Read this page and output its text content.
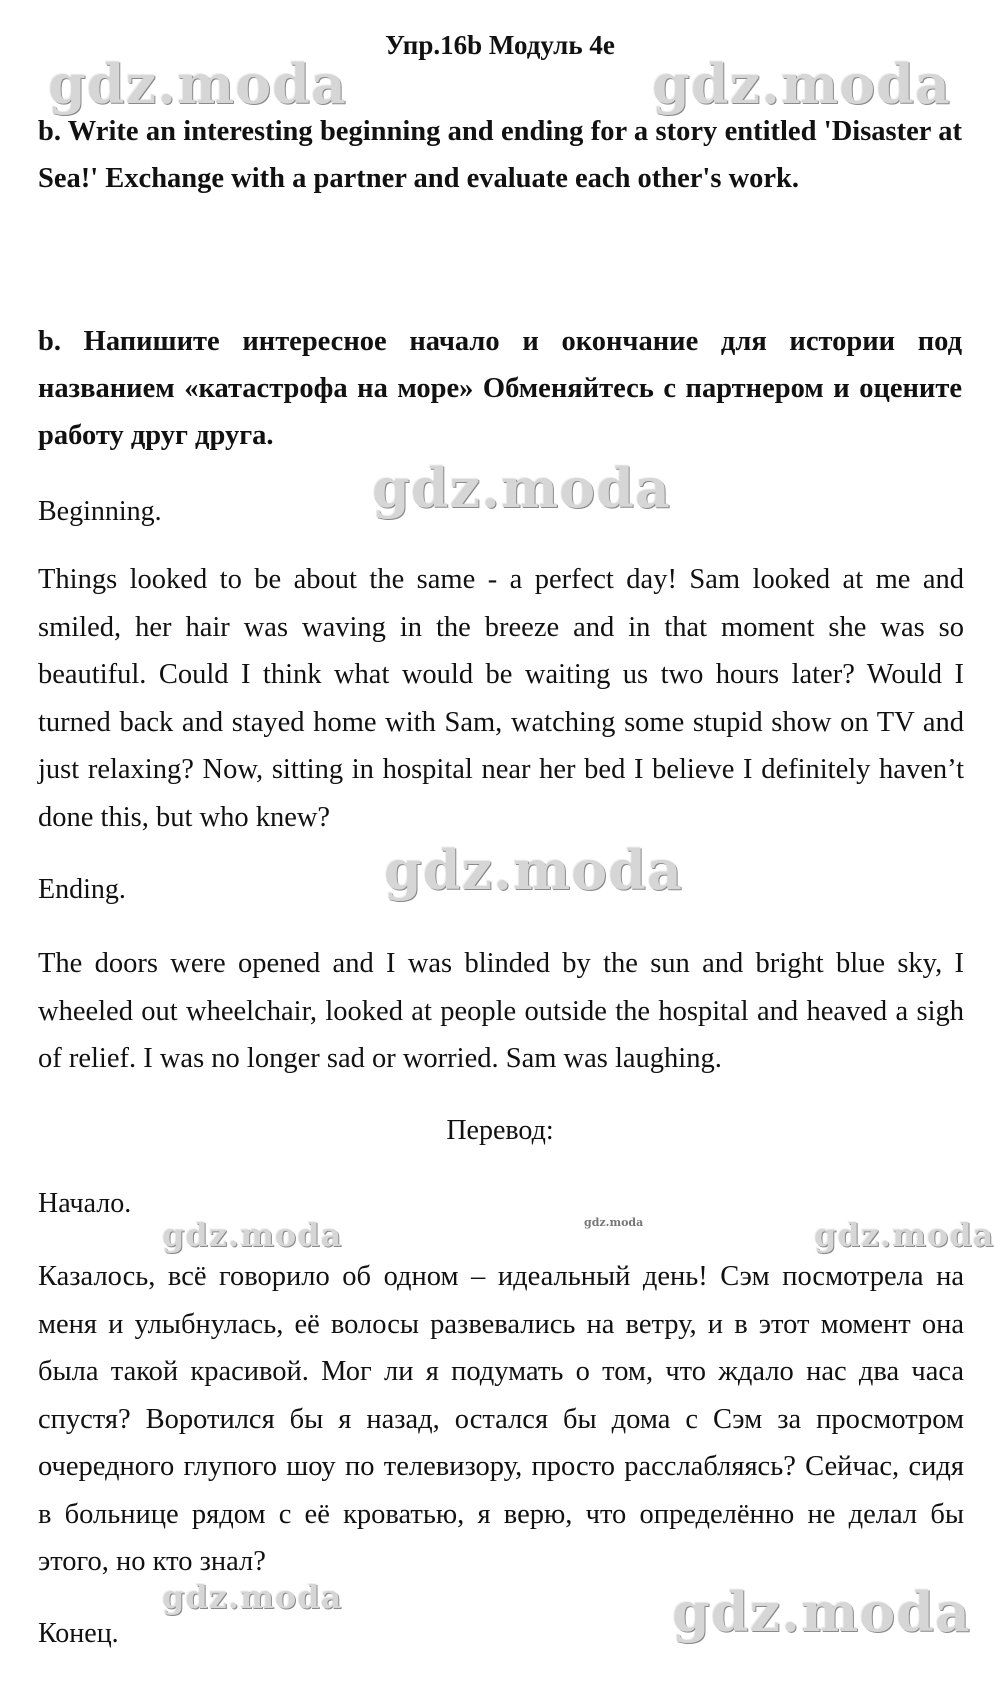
Упр.16b Модуль 4e
gdz.moda	gdz.moda
b. Write an interesting beginning and ending for a story entitled 'Disaster at Sea!' Exchange with a partner and evaluate each other's work.
b. Напишите интересное начало и окончание для истории под названием «катастрофа на море» Обменяйтесь с партнером и оцените работу друг друга.
gdz.moda
Beginning.
Things looked to be about the same - a perfect day! Sam looked at me and smiled, her hair was waving in the breeze and in that moment she was so beautiful. Could I think what would be waiting us two hours later? Would I turned back and stayed home with Sam, watching some stupid show on TV and just relaxing? Now, sitting in hospital near her bed I believe I definitely haven’t done this, but who knew?
gdz.moda
Ending.
The doors were opened and I was blinded by the sun and bright blue sky, I wheeled out wheelchair, looked at people outside the hospital and heaved a sigh of relief. I was no longer sad or worried. Sam was laughing.
Перевод:
Начало.
gdz.moda	gdz.moda	gdz.moda
Казалось, всё говорило об одном – идеальный день! Сэм посмотрела на меня и улыбнулась, её волосы развевались на ветру, и в этот момент она была такой красивой. Мог ли я подумать о том, что ждало нас два часа спустя? Воротился бы я назад, остался бы дома с Сэм за просмотром очередного глупого шоу по телевизору, просто расслабляясь? Сейчас, сидя в больнице рядом с её кроватью, я верю, что определённо не делал бы этого, но кто знал?
gdz.moda	gdz.moda
Конец.
